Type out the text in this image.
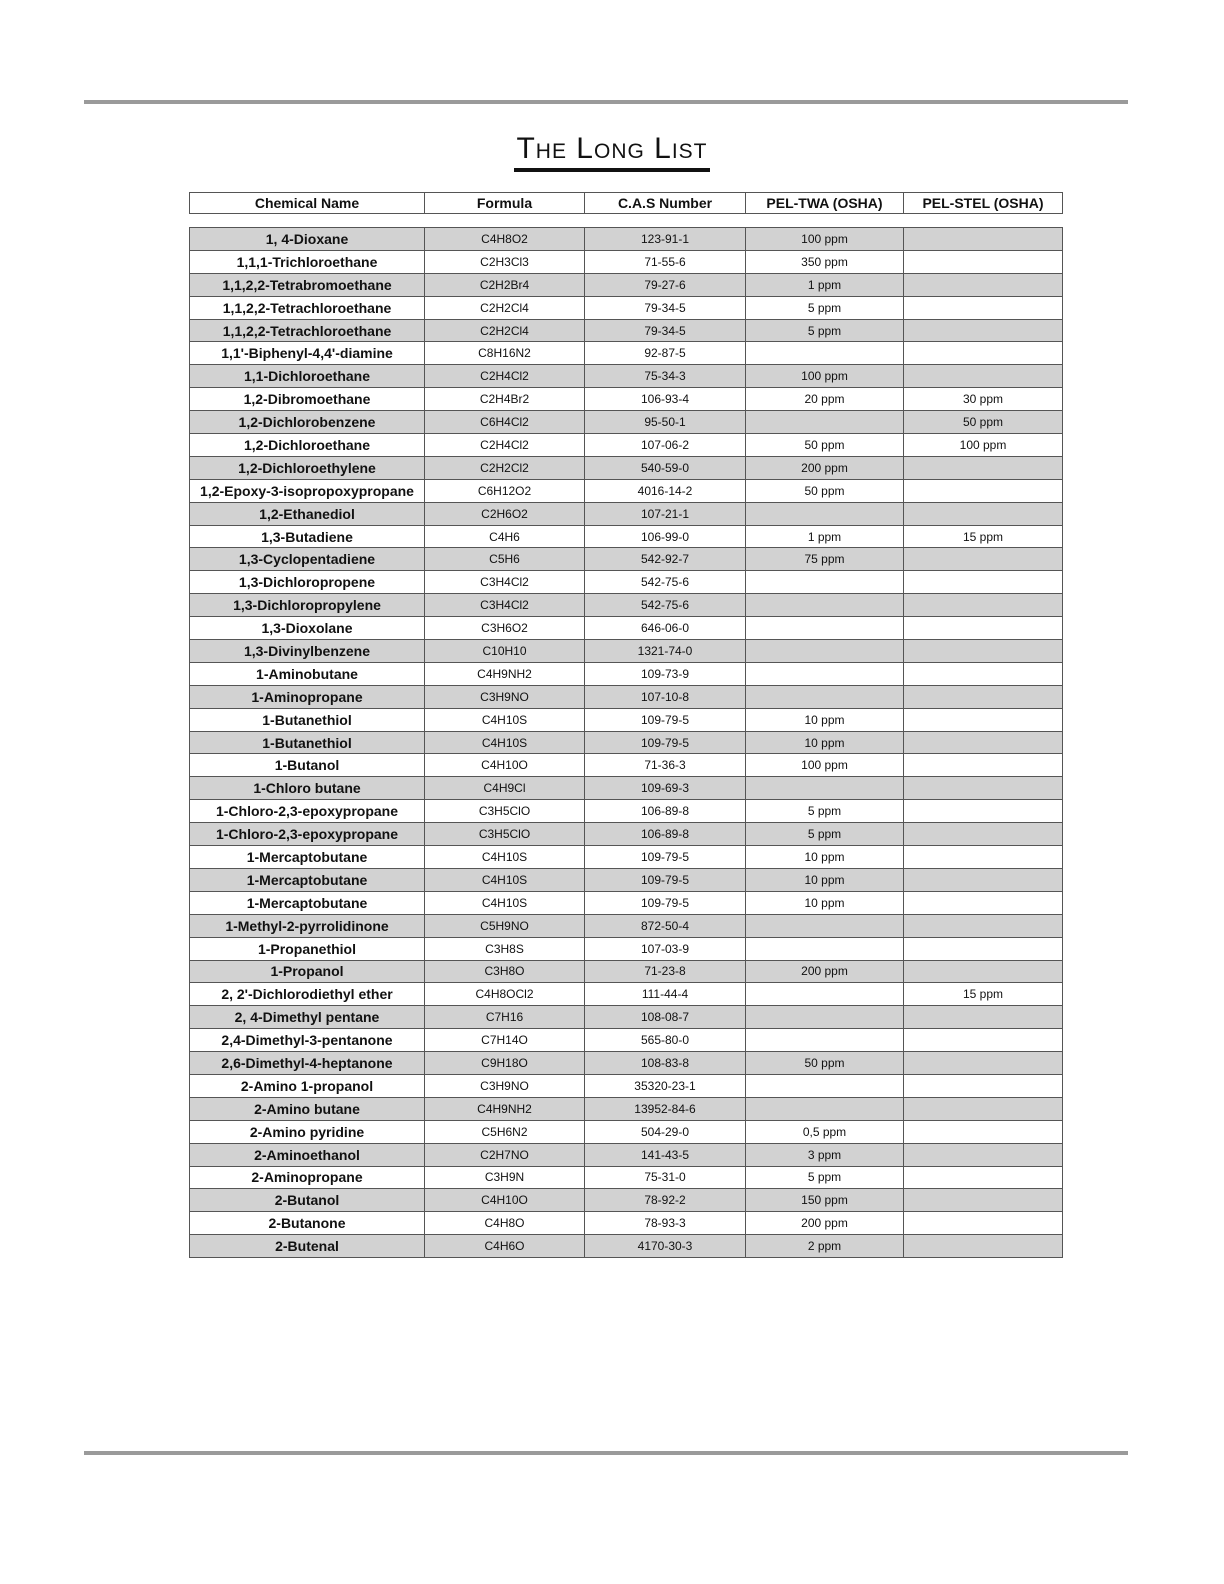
The Long List
Chemical Name	Formula	C.A.S Number	PEL-TWA (OSHA)	PEL-STEL (OSHA)
1, 4-Dioxane	C4H8O2	123-91-1	100 ppm	
1,1,1-Trichloroethane	C2H3Cl3	71-55-6	350 ppm	
1,1,2,2-Tetrabromoethane	C2H2Br4	79-27-6	1 ppm	
1,1,2,2-Tetrachloroethane	C2H2Cl4	79-34-5	5 ppm	
1,1,2,2-Tetrachloroethane	C2H2Cl4	79-34-5	5 ppm	
1,1'-Biphenyl-4,4'-diamine	C8H16N2	92-87-5		
1,1-Dichloroethane	C2H4Cl2	75-34-3	100 ppm	
1,2-Dibromoethane	C2H4Br2	106-93-4	20 ppm	30 ppm
1,2-Dichlorobenzene	C6H4Cl2	95-50-1		50 ppm
1,2-Dichloroethane	C2H4Cl2	107-06-2	50 ppm	100 ppm
1,2-Dichloroethylene	C2H2Cl2	540-59-0	200 ppm	
1,2-Epoxy-3-isopropoxypropane	C6H12O2	4016-14-2	50 ppm	
1,2-Ethanediol	C2H6O2	107-21-1		
1,3-Butadiene	C4H6	106-99-0	1 ppm	15 ppm
1,3-Cyclopentadiene	C5H6	542-92-7	75 ppm	
1,3-Dichloropropene	C3H4Cl2	542-75-6		
1,3-Dichloropropylene	C3H4Cl2	542-75-6		
1,3-Dioxolane	C3H6O2	646-06-0		
1,3-Divinylbenzene	C10H10	1321-74-0		
1-Aminobutane	C4H9NH2	109-73-9		
1-Aminopropane	C3H9NO	107-10-8		
1-Butanethiol	C4H10S	109-79-5	10 ppm	
1-Butanethiol	C4H10S	109-79-5	10 ppm	
1-Butanol	C4H10O	71-36-3	100 ppm	
1-Chloro butane	C4H9Cl	109-69-3		
1-Chloro-2,3-epoxypropane	C3H5ClO	106-89-8	5 ppm	
1-Chloro-2,3-epoxypropane	C3H5ClO	106-89-8	5 ppm	
1-Mercaptobutane	C4H10S	109-79-5	10 ppm	
1-Mercaptobutane	C4H10S	109-79-5	10 ppm	
1-Mercaptobutane	C4H10S	109-79-5	10 ppm	
1-Methyl-2-pyrrolidinone	C5H9NO	872-50-4		
1-Propanethiol	C3H8S	107-03-9		
1-Propanol	C3H8O	71-23-8	200 ppm	
2, 2'-Dichlorodiethyl ether	C4H8OCl2	111-44-4		15 ppm
2, 4-Dimethyl pentane	C7H16	108-08-7		
2,4-Dimethyl-3-pentanone	C7H14O	565-80-0		
2,6-Dimethyl-4-heptanone	C9H18O	108-83-8	50 ppm	
2-Amino 1-propanol	C3H9NO	35320-23-1		
2-Amino butane	C4H9NH2	13952-84-6		
2-Amino pyridine	C5H6N2	504-29-0	0,5 ppm	
2-Aminoethanol	C2H7NO	141-43-5	3 ppm	
2-Aminopropane	C3H9N	75-31-0	5 ppm	
2-Butanol	C4H10O	78-92-2	150 ppm	
2-Butanone	C4H8O	78-93-3	200 ppm	
2-Butenal	C4H6O	4170-30-3	2 ppm	
